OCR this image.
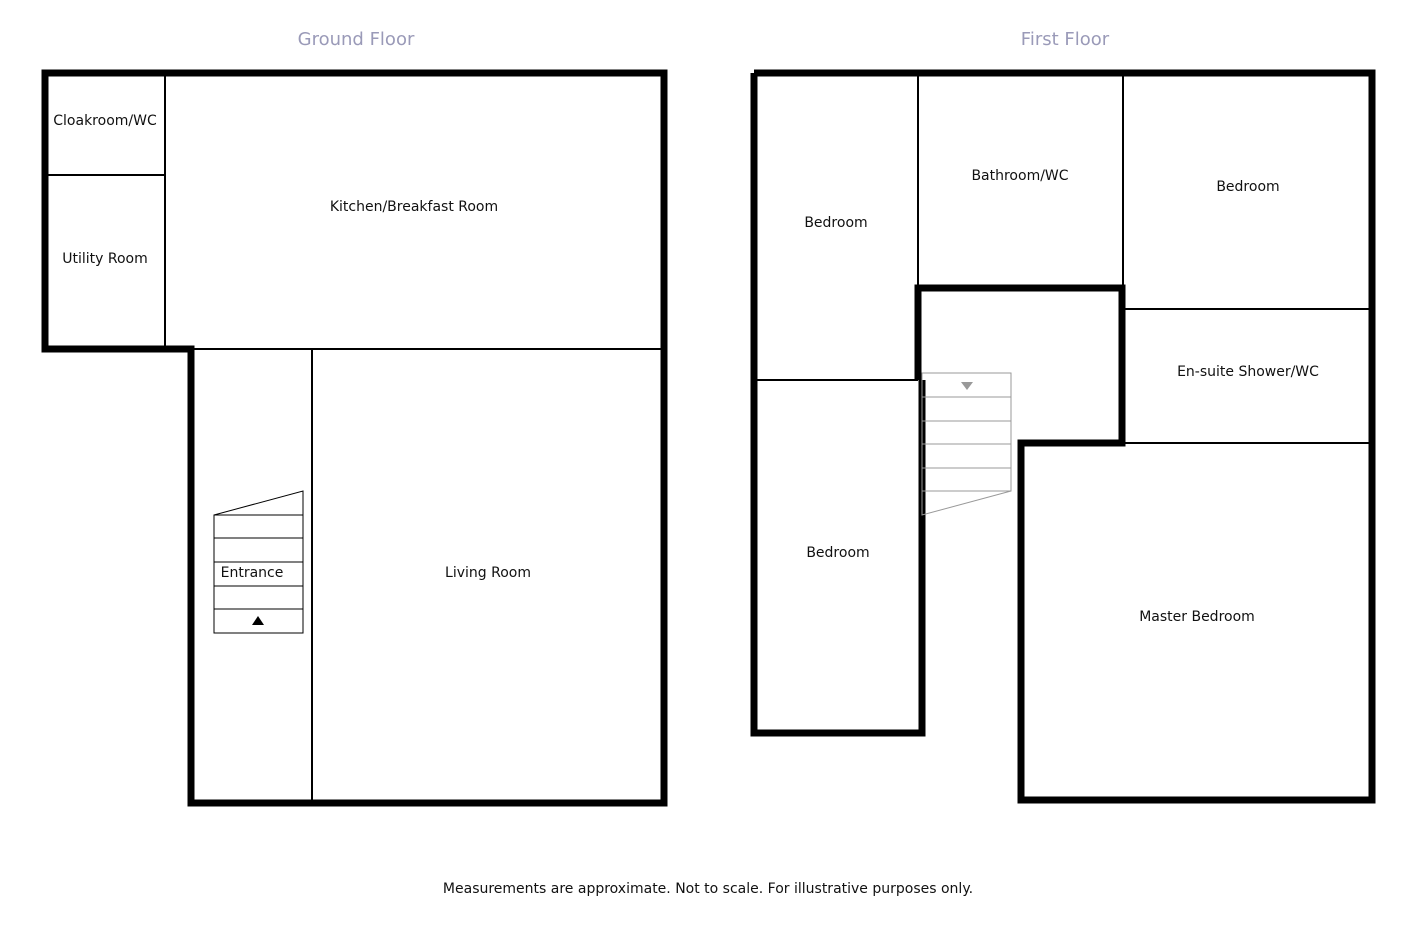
Ground Floor
Cloakroom/WC
Utility Room
Kitchen/Breakfast Room
Entrance	Living Room
First Floor
Bedroom
Bathroom/WC
Bedroom
En-suite Shower/WC
Bedroom
Master Bedroom
Measurements are approximate. Not to scale. For illustrative purposes only.
